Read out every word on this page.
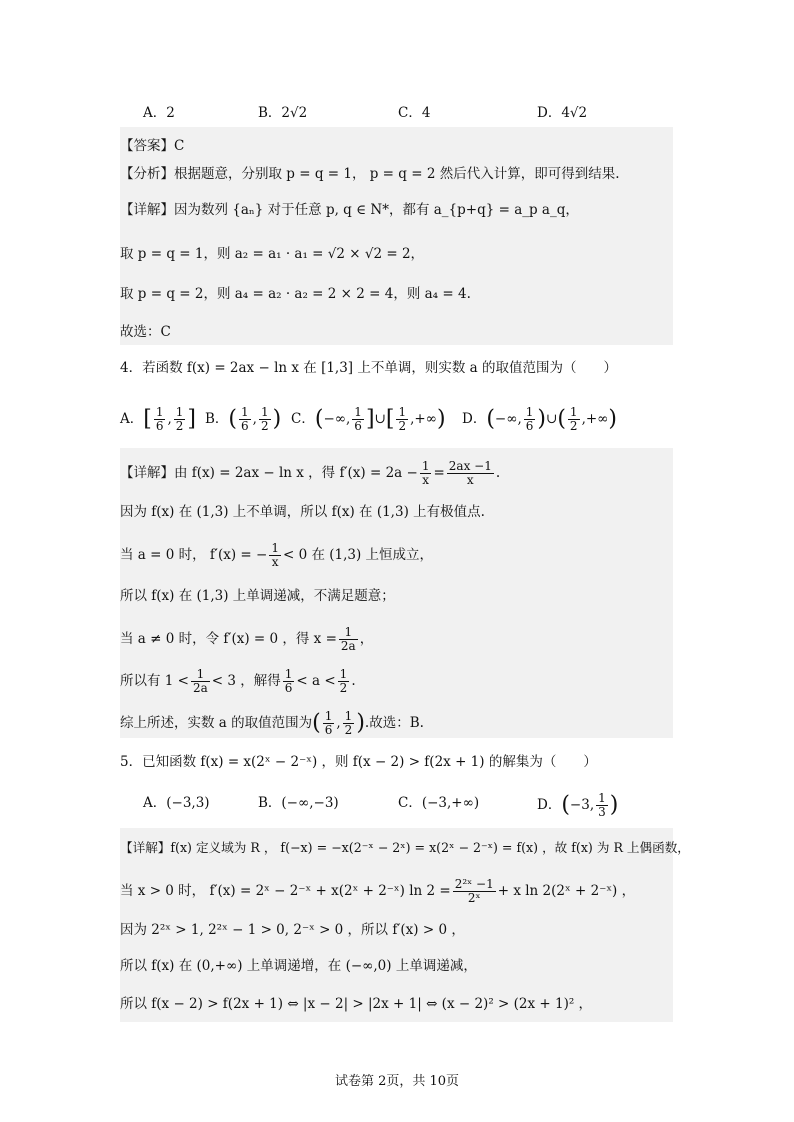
A．2	B．2√2	C．4	D．4√2
【答案】C
【分析】根据题意，分别取 p = q = 1， p = q = 2 然后代入计算，即可得到结果.
【详解】因为数列 {aₙ} 对于任意 p, q ∈ N*，都有 a_{p+q} = a_p a_q，
取 p = q = 1，则 a₂ = a₁ · a₁ = √2 × √2 = 2，
取 p = q = 2，则 a₄ = a₂ · a₂ = 2 × 2 = 4，则 a₄ = 4.
故选：C
4．若函数 f(x) = 2ax − ln x 在 [1,3] 上不单调，则实数 a 的取值范围为（　　）
A．[ $\frac{1}{6}$ , $\frac{1}{2}$ ] B．( $\frac{1}{6}$ , $\frac{1}{2}$ ) C．(−∞, $\frac{1}{6}$ ]∪[ $\frac{1}{2}$ ,+∞) D．(−∞, $\frac{1}{6}$ )∪( $\frac{1}{2}$ ,+∞)
【详解】由 f(x) = 2ax − ln x ，得 $f'(x) = 2a - \frac{1}{x} = \frac{2ax -1}{x}$ .
因为 f(x) 在 (1,3) 上不单调，所以 f(x) 在 (1,3) 上有极值点.
当 a = 0 时， f′(x) = − $\frac{1}{x} < 0$ 在 (1,3) 上恒成立，
所以 f(x) 在 (1,3) 上单调递减，不满足题意；
当 a ≠ 0 时，令 f′(x) = 0 ，得 $x = \frac{1}{2a}$ ，
所以有 $1 < \frac{1}{2a} < 3$ ，解得 $\frac{1}{6} < a < \frac{1}{2}$ .
综上所述，实数 a 的取值范围为( $\frac{1}{6}$ , $\frac{1}{2}$ ).故选：B.
5．已知函数 f(x) = x(2ˣ − 2⁻ˣ) ，则 f(x − 2) > f(2x + 1) 的解集为（　　）
A．(−3,3)	B．(−∞,−3)	C．(−3,+∞)	D．(−3, $\frac{1}{3}$ )
【详解】f(x) 定义域为 R ， f(−x) = −x(2⁻ˣ − 2ˣ) = x(2ˣ − 2⁻ˣ) = f(x) ，故 f(x) 为 R 上偶函数，
当 x > 0 时， f′(x) = 2ˣ − 2⁻ˣ + x(2ˣ + 2⁻ˣ) $\ln 2 = \frac{\text{2²ˣ −1}}{\text{2ˣ}} + x$ ln 2(2ˣ + 2⁻ˣ) ，
因为 2²ˣ > 1, 2²ˣ − 1 > 0, 2⁻ˣ > 0 ，所以 f′(x) > 0 ，
所以 f(x) 在 (0,+∞) 上单调递增，在 (−∞,0) 上单调递减，
所以 f(x − 2) > f(2x + 1) ⇔ |x − 2| > |2x + 1| ⇔ (x − 2)² > (2x + 1)² ，
试卷第 2页，共 10页
